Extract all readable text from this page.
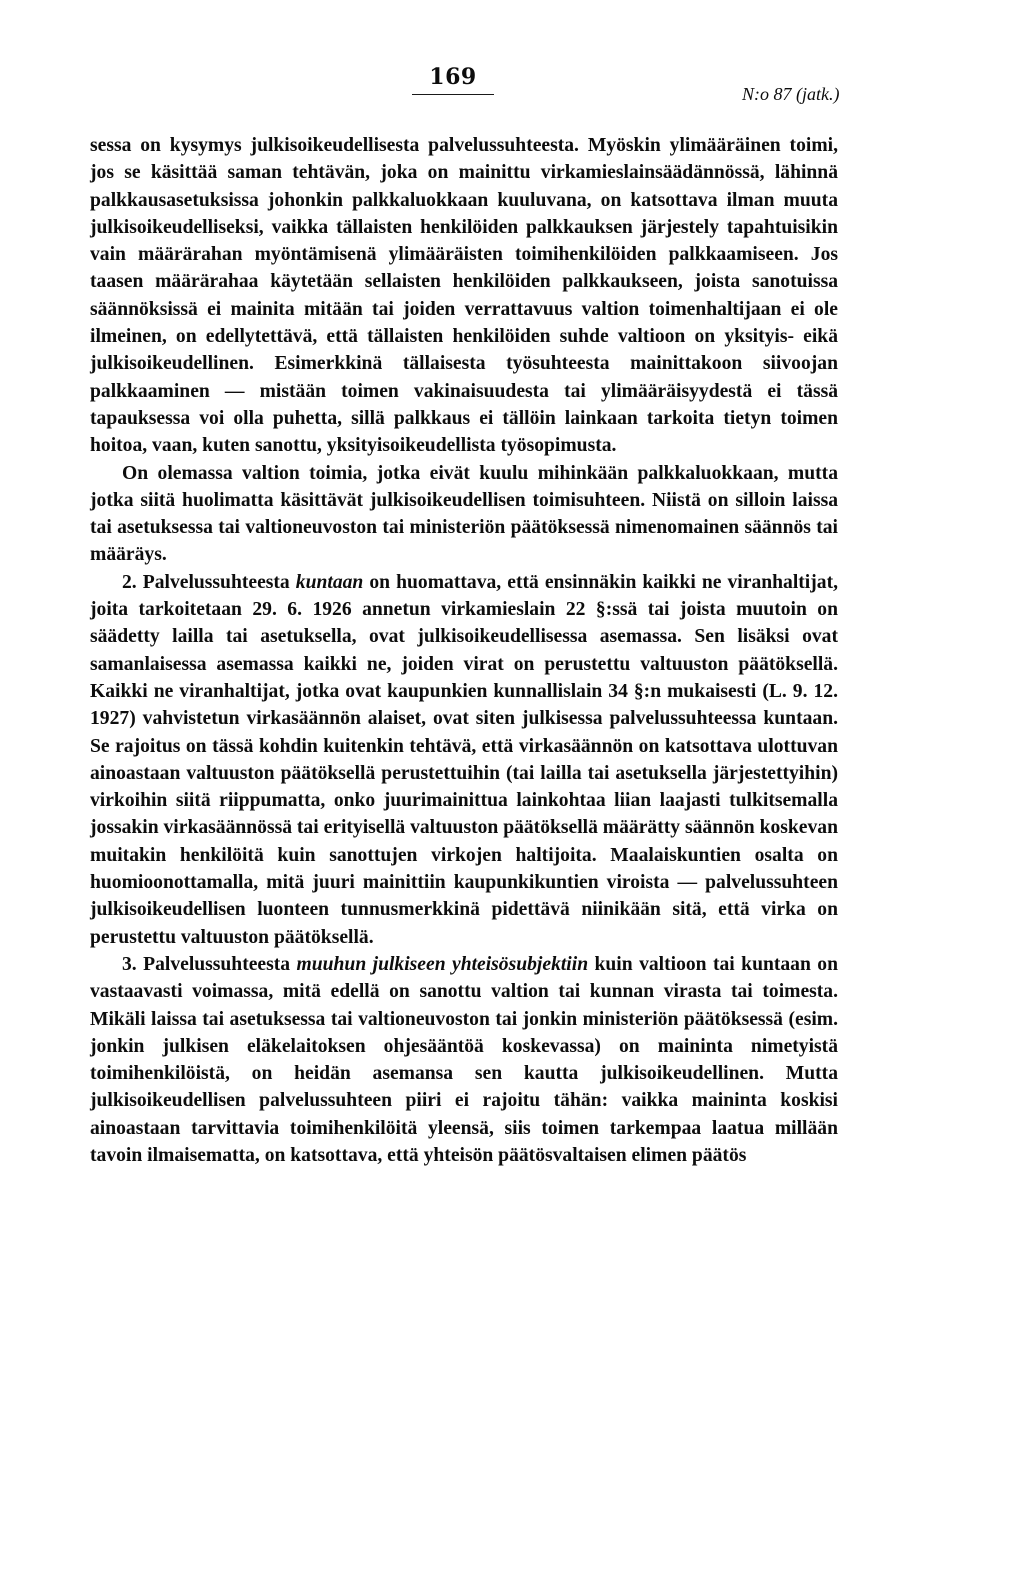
169
N:o 87 (jatk.)

sessa on kysymys julkisoikeudellisesta palvelussuhteesta. Myöskin ylimääräinen toimi, jos se käsittää saman tehtävän, joka on mainittu virkamieslainsäädännössä, lähinnä palkkausasetuksissa johonkin palkkaluokkaan kuuluvana, on katsottava ilman muuta julkisoikeudelliseksi, vaikka tällaisten henkilöiden palkkauksen järjestely tapahtuisikin vain määrärahan myöntämisenä ylimääräisten toimihenkilöiden palkkaamiseen. Jos taasen määrärahaa käytetään sellaisten henkilöiden palkkaukseen, joista sanotuissa säännöksissä ei mainita mitään tai joiden verrattavuus valtion toimenhaltijaan ei ole ilmeinen, on edellytettävä, että tällaisten henkilöiden suhde valtioon on yksityis- eikä julkisoikeudellinen. Esimerkkinä tällaisesta työsuhteesta mainittakoon siivoojan palkkaaminen — mistään toimen vakinaisuudesta tai ylimääräisyydestä ei tässä tapauksessa voi olla puhetta, sillä palkkaus ei tällöin lainkaan tarkoita tietyn toimen hoitoa, vaan, kuten sanottu, yksityisoikeudellista työsopimusta.

On olemassa valtion toimia, jotka eivät kuulu mihinkään palkkaluokkaan, mutta jotka siitä huolimatta käsittävät julkisoikeudellisen toimisuhteen. Niistä on silloin laissa tai asetuksessa tai valtioneuvoston tai ministeriön päätöksessä nimenomainen säännös tai määräys.

2. Palvelussuhteesta kuntaan on huomattava, että ensinnäkin kaikki ne viranhaltijat, joita tarkoitetaan 29. 6. 1926 annetun virkamieslain 22 §:ssä tai joista muutoin on säädetty lailla tai asetuksella, ovat julkisoikeudellisessa asemassa. Sen lisäksi ovat samanlaisessa asemassa kaikki ne, joiden virat on perustettu valtuuston päätöksellä. Kaikki ne viranhaltijat, jotka ovat kaupunkien kunnallislain 34 §:n mukaisesti (L. 9. 12. 1927) vahvistetun virkasäännön alaiset, ovat siten julkisessa palvelussuhteessa kuntaan. Se rajoitus on tässä kohdin kuitenkin tehtävä, että virkasäännön on katsottava ulottuvan ainoastaan valtuuston päätöksellä perustettuihin (tai lailla tai asetuksella järjestettyihin) virkoihin siitä riippumatta, onko juurimainittua lainkohtaa liian laajasti tulkitsemalla jossakin virkasäännössä tai erityisellä valtuuston päätöksellä määrätty säännön koskevan muitakin henkilöitä kuin sanottujen virkojen haltijoita. Maalaiskuntien osalta on huomioonottamalla, mitä juuri mainittiin kaupunkikuntien viroista — palvelussuhteen julkisoikeudellisen luonteen tunnusmerkkinä pidettävä niinikään sitä, että virka on perustettu valtuuston päätöksellä.

3. Palvelussuhteesta muuhun julkiseen yhteisösubjektiin kuin valtioon tai kuntaan on vastaavasti voimassa, mitä edellä on sanottu valtion tai kunnan virasta tai toimesta. Mikäli laissa tai asetuksessa tai valtioneuvoston tai jonkin ministeriön päätöksessä (esim. jonkin julkisen eläkelaitoksen ohjesääntöä koskevassa) on maininta nimetyistä toimihenkilöistä, on heidän asemansa sen kautta julkisoikeudellinen. Mutta julkisoikeudellisen palvelussuhteen piiri ei rajoitu tähän: vaikka maininta koskisi ainoastaan tarvittavia toimihenkilöitä yleensä, siis toimen tarkempaa laatua millään tavoin ilmaisematta, on katsottava, että yhteisön päätösvaltaisen elimen päätös
